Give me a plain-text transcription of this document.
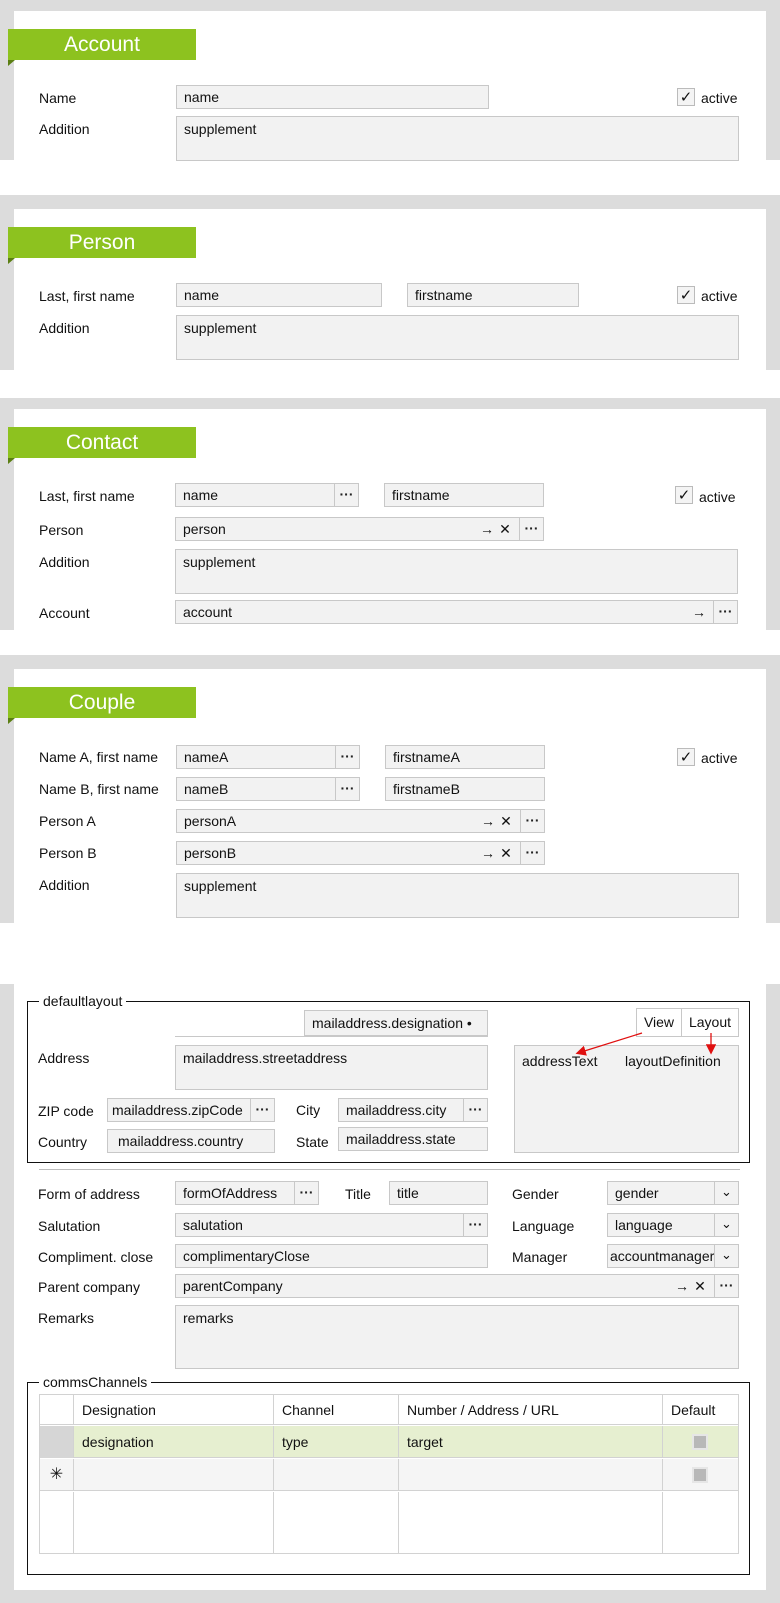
Account
Name	name	✓ active
Addition	supplement
Person
Last, first name	name	firstname	✓ active
Addition	supplement
Contact
Last, first name	name	···	firstname	✓ active
Person	person	→ ✕ ···
Addition	supplement
Account	account	→ ···
Couple
Name A, first name	nameA	···	firstnameA	✓ active
Name B, first name	nameB	···	firstnameB
Person A	personA	→ ✕ ···
Person B	personB	→ ✕ ···
Addition	supplement
defaultlayout
mailaddress.designation •	View	Layout
Address	mailaddress.streetaddress	addressText layoutDefinition
ZIP code	mailaddress.zipCode ···	City	mailaddress.city	···
Country	mailaddress.country	State	mailaddress.state
Form of address	formOfAddress	···	Title	title	Gender	gender	⌄
Salutation	salutation	···	Language	language	⌄
Compliment. close	complimentaryClose	Manager	accountmanager ⌄
Parent company	parentCompany	→ ✕ ···
Remarks	remarks
commsChannels
Designation	Channel	Number / Address / URL	Default
designation	type	target
✳
